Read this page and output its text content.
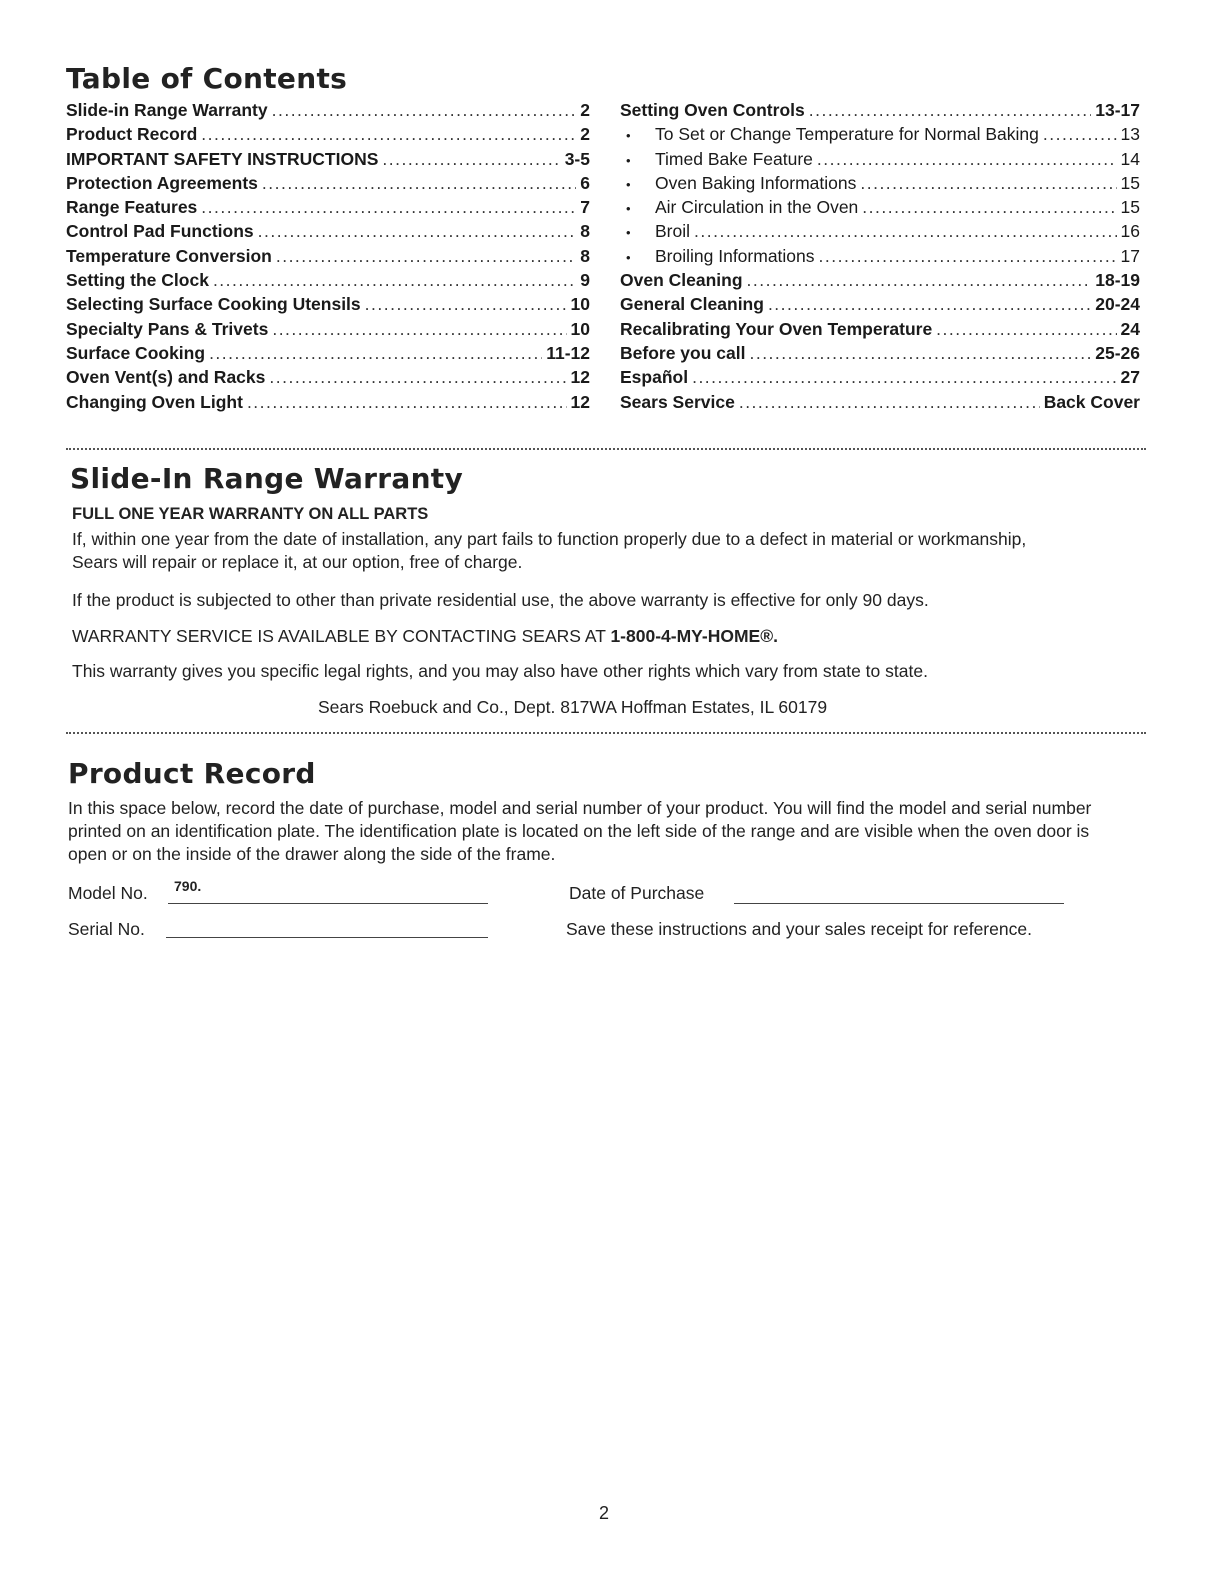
Table of Contents
Slide-in Range Warranty .....	2
Product Record .....	2
IMPORTANT SAFETY INSTRUCTIONS .....	3-5
Protection Agreements .....	6
Range Features .....	7
Control Pad Functions .....	8
Temperature Conversion .....	8
Setting the Clock .....	9
Selecting Surface Cooking Utensils .....	10
Specialty Pans & Trivets .....	10
Surface Cooking .....	11-12
Oven Vent(s) and Racks .....	12
Changing Oven Light .....	12
Setting Oven Controls .....	13-17
•	To Set or Change Temperature for Normal Baking .....	13
•	Timed Bake Feature .....	14
•	Oven Baking Informations .....	15
•	Air Circulation in the Oven .....	15
•	Broil .....	16
•	Broiling Informations .....	17
Oven Cleaning .....	18-19
General Cleaning .....	20-24
Recalibrating Your Oven Temperature .....	24
Before you call .....	25-26
Español .....	27
Sears Service .....	Back Cover
Slide-In Range Warranty

FULL ONE YEAR WARRANTY ON ALL PARTS

If, within one year from the date of installation, any part fails to function properly due to a defect in material or workmanship, Sears will repair or replace it, at our option, free of charge.

If the product is subjected to other than private residential use, the above warranty is effective for only 90 days.

WARRANTY SERVICE IS AVAILABLE BY CONTACTING SEARS AT 1-800-4-MY-HOME®.

This warranty gives you specific legal rights, and you may also have other rights which vary from state to state.

Sears Roebuck and Co., Dept. 817WA Hoffman Estates, IL 60179

Product Record

In this space below, record the date of purchase, model and serial number of your product. You will find the model and serial number printed on an identification plate. The identification plate is located on the left side of the range and are visible when the oven door is open or on the inside of the drawer along the side of the frame.

Model No. 790.	Date of Purchase
Serial No.	Save these instructions and your sales receipt for reference.
2
